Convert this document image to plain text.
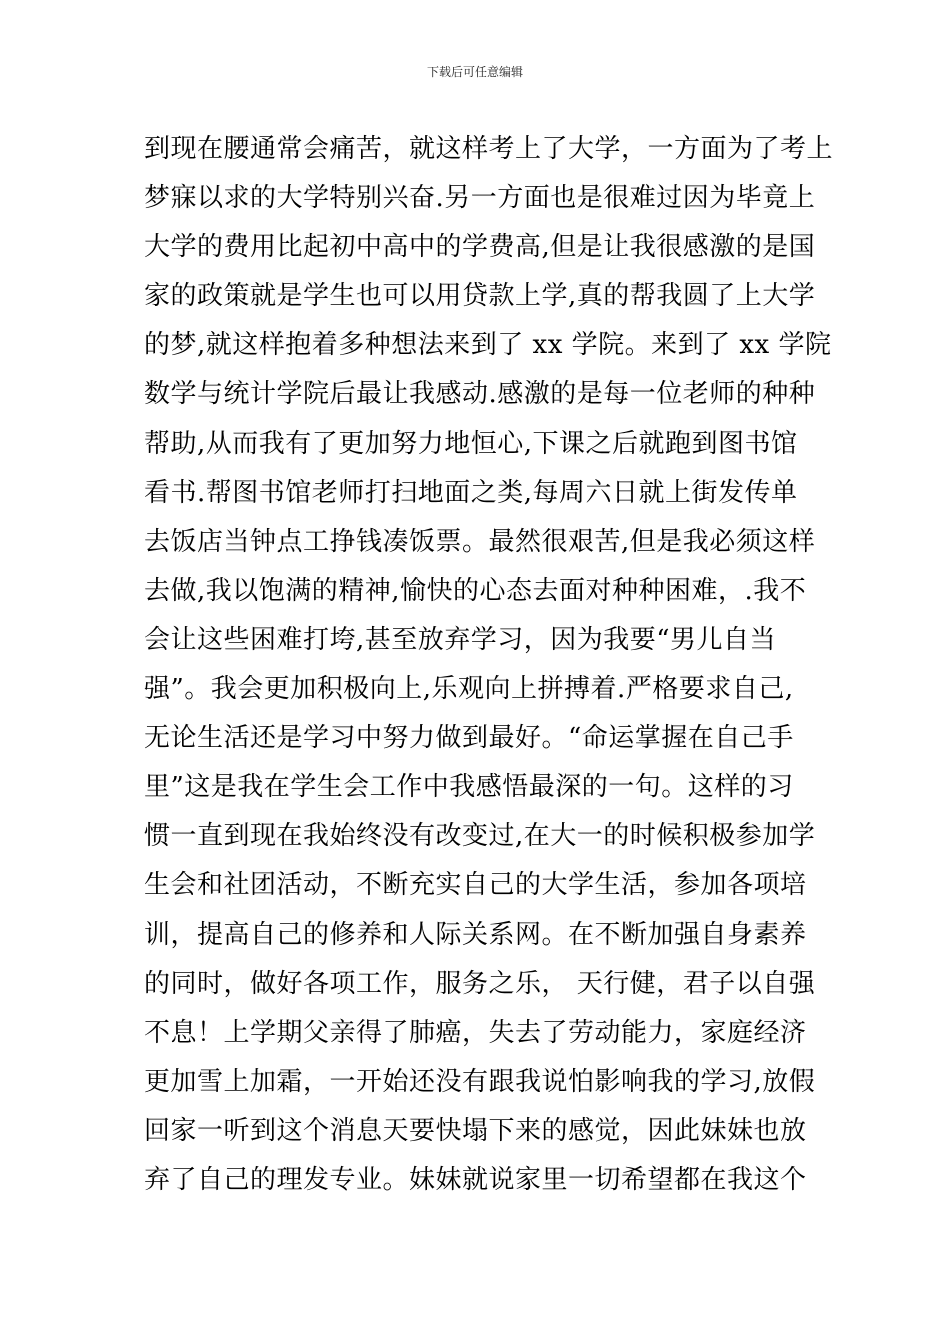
下载后可任意编辑
到现在腰通常会痛苦，就这样考上了大学，一方面为了考上
梦寐以求的大学特别兴奋.另一方面也是很难过因为毕竟上
大学的费用比起初中高中的学费高,但是让我很感激的是国
家的政策就是学生也可以用贷款上学,真的帮我圆了上大学
的梦,就这样抱着多种想法来到了 xx 学院。来到了 xx 学院
数学与统计学院后最让我感动.感激的是每一位老师的种种
帮助,从而我有了更加努力地恒心,下课之后就跑到图书馆
看书.帮图书馆老师打扫地面之类,每周六日就上街发传单
去饭店当钟点工挣钱凑饭票。最然很艰苦,但是我必须这样
去做,我以饱满的精神,愉快的心态去面对种种困难，.我不
会让这些困难打垮,甚至放弃学习，因为我要“男儿自当
强”。我会更加积极向上,乐观向上拼搏着.严格要求自己,
无论生活还是学习中努力做到最好。“命运掌握在自己手
里”这是我在学生会工作中我感悟最深的一句。这样的习
惯一直到现在我始终没有改变过,在大一的时候积极参加学
生会和社团活动，不断充实自己的大学生活，参加各项培
训，提高自己的修养和人际关系网。在不断加强自身素养
的同时，做好各项工作，服务之乐， 天行健，君子以自强
不息！上学期父亲得了肺癌，失去了劳动能力，家庭经济
更加雪上加霜，一开始还没有跟我说怕影响我的学习,放假
回家一听到这个消息天要快塌下来的感觉，因此妹妹也放
弃了自己的理发专业。妹妹就说家里一切希望都在我这个
